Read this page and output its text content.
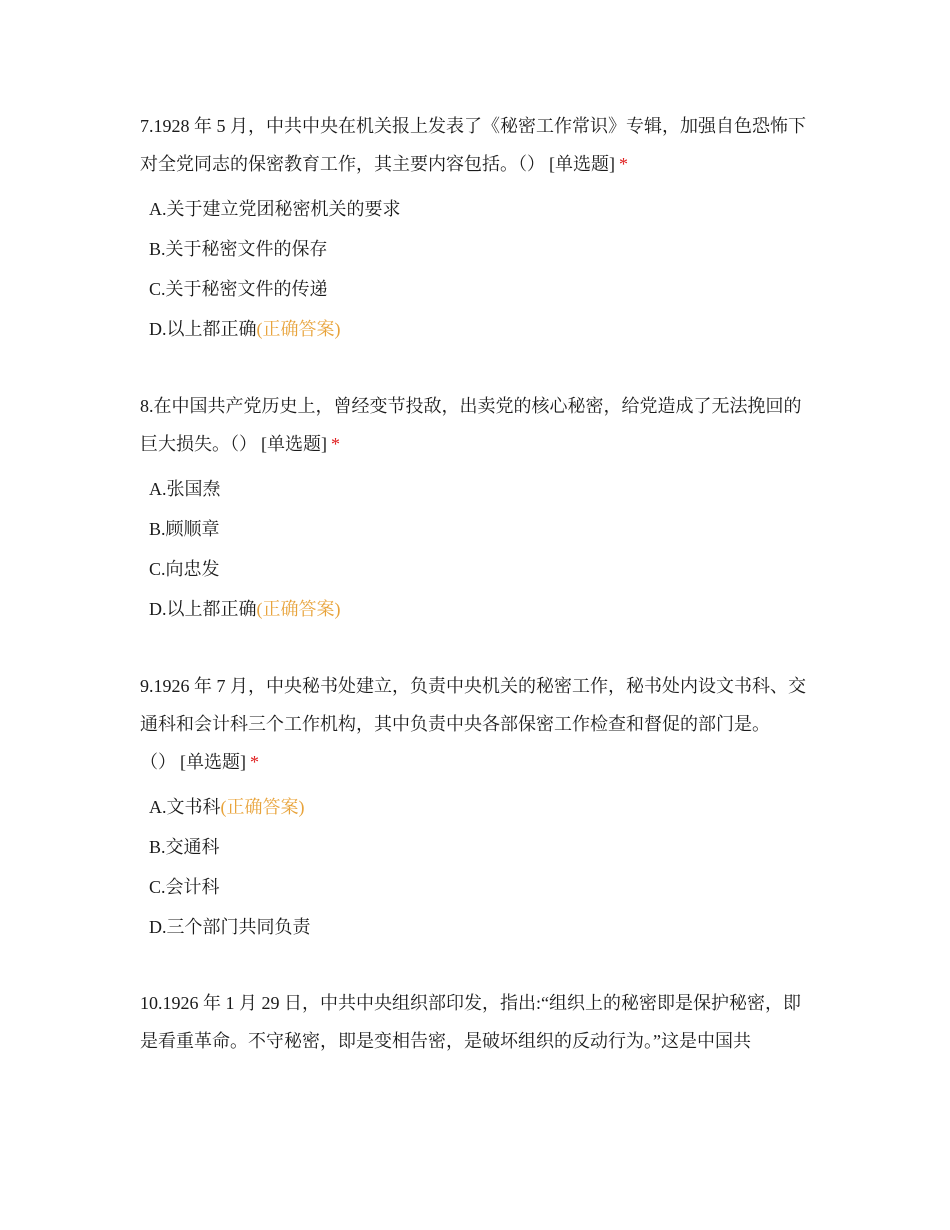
7.1928 年 5 月，中共中央在机关报上发表了《秘密工作常识》专辑，加强自色恐怖下对全党同志的保密教育工作，其主要内容包括。（） [单选题] *

A.关于建立党团秘密机关的要求
B.关于秘密文件的保存
C.关于秘密文件的传递
D.以上都正确(正确答案)

8.在中国共产党历史上，曾经变节投敌，出卖党的核心秘密，给党造成了无法挽回的巨大损失。（） [单选题] *

A.张国焘
B.顾顺章
C.向忠发
D.以上都正确(正确答案)

9.1926 年 7 月，中央秘书处建立，负责中央机关的秘密工作，秘书处内设文书科、交通科和会计科三个工作机构，其中负责中央各部保密工作检查和督促的部门是。
（） [单选题] *

A.文书科(正确答案)
B.交通科
C.会计科
D.三个部门共同负责

10.1926 年 1 月 29 日，中共中央组织部印发，指出:“组织上的秘密即是保护秘密，即是看重革命。不守秘密，即是变相告密，是破坏组织的反动行为。”这是中国共
